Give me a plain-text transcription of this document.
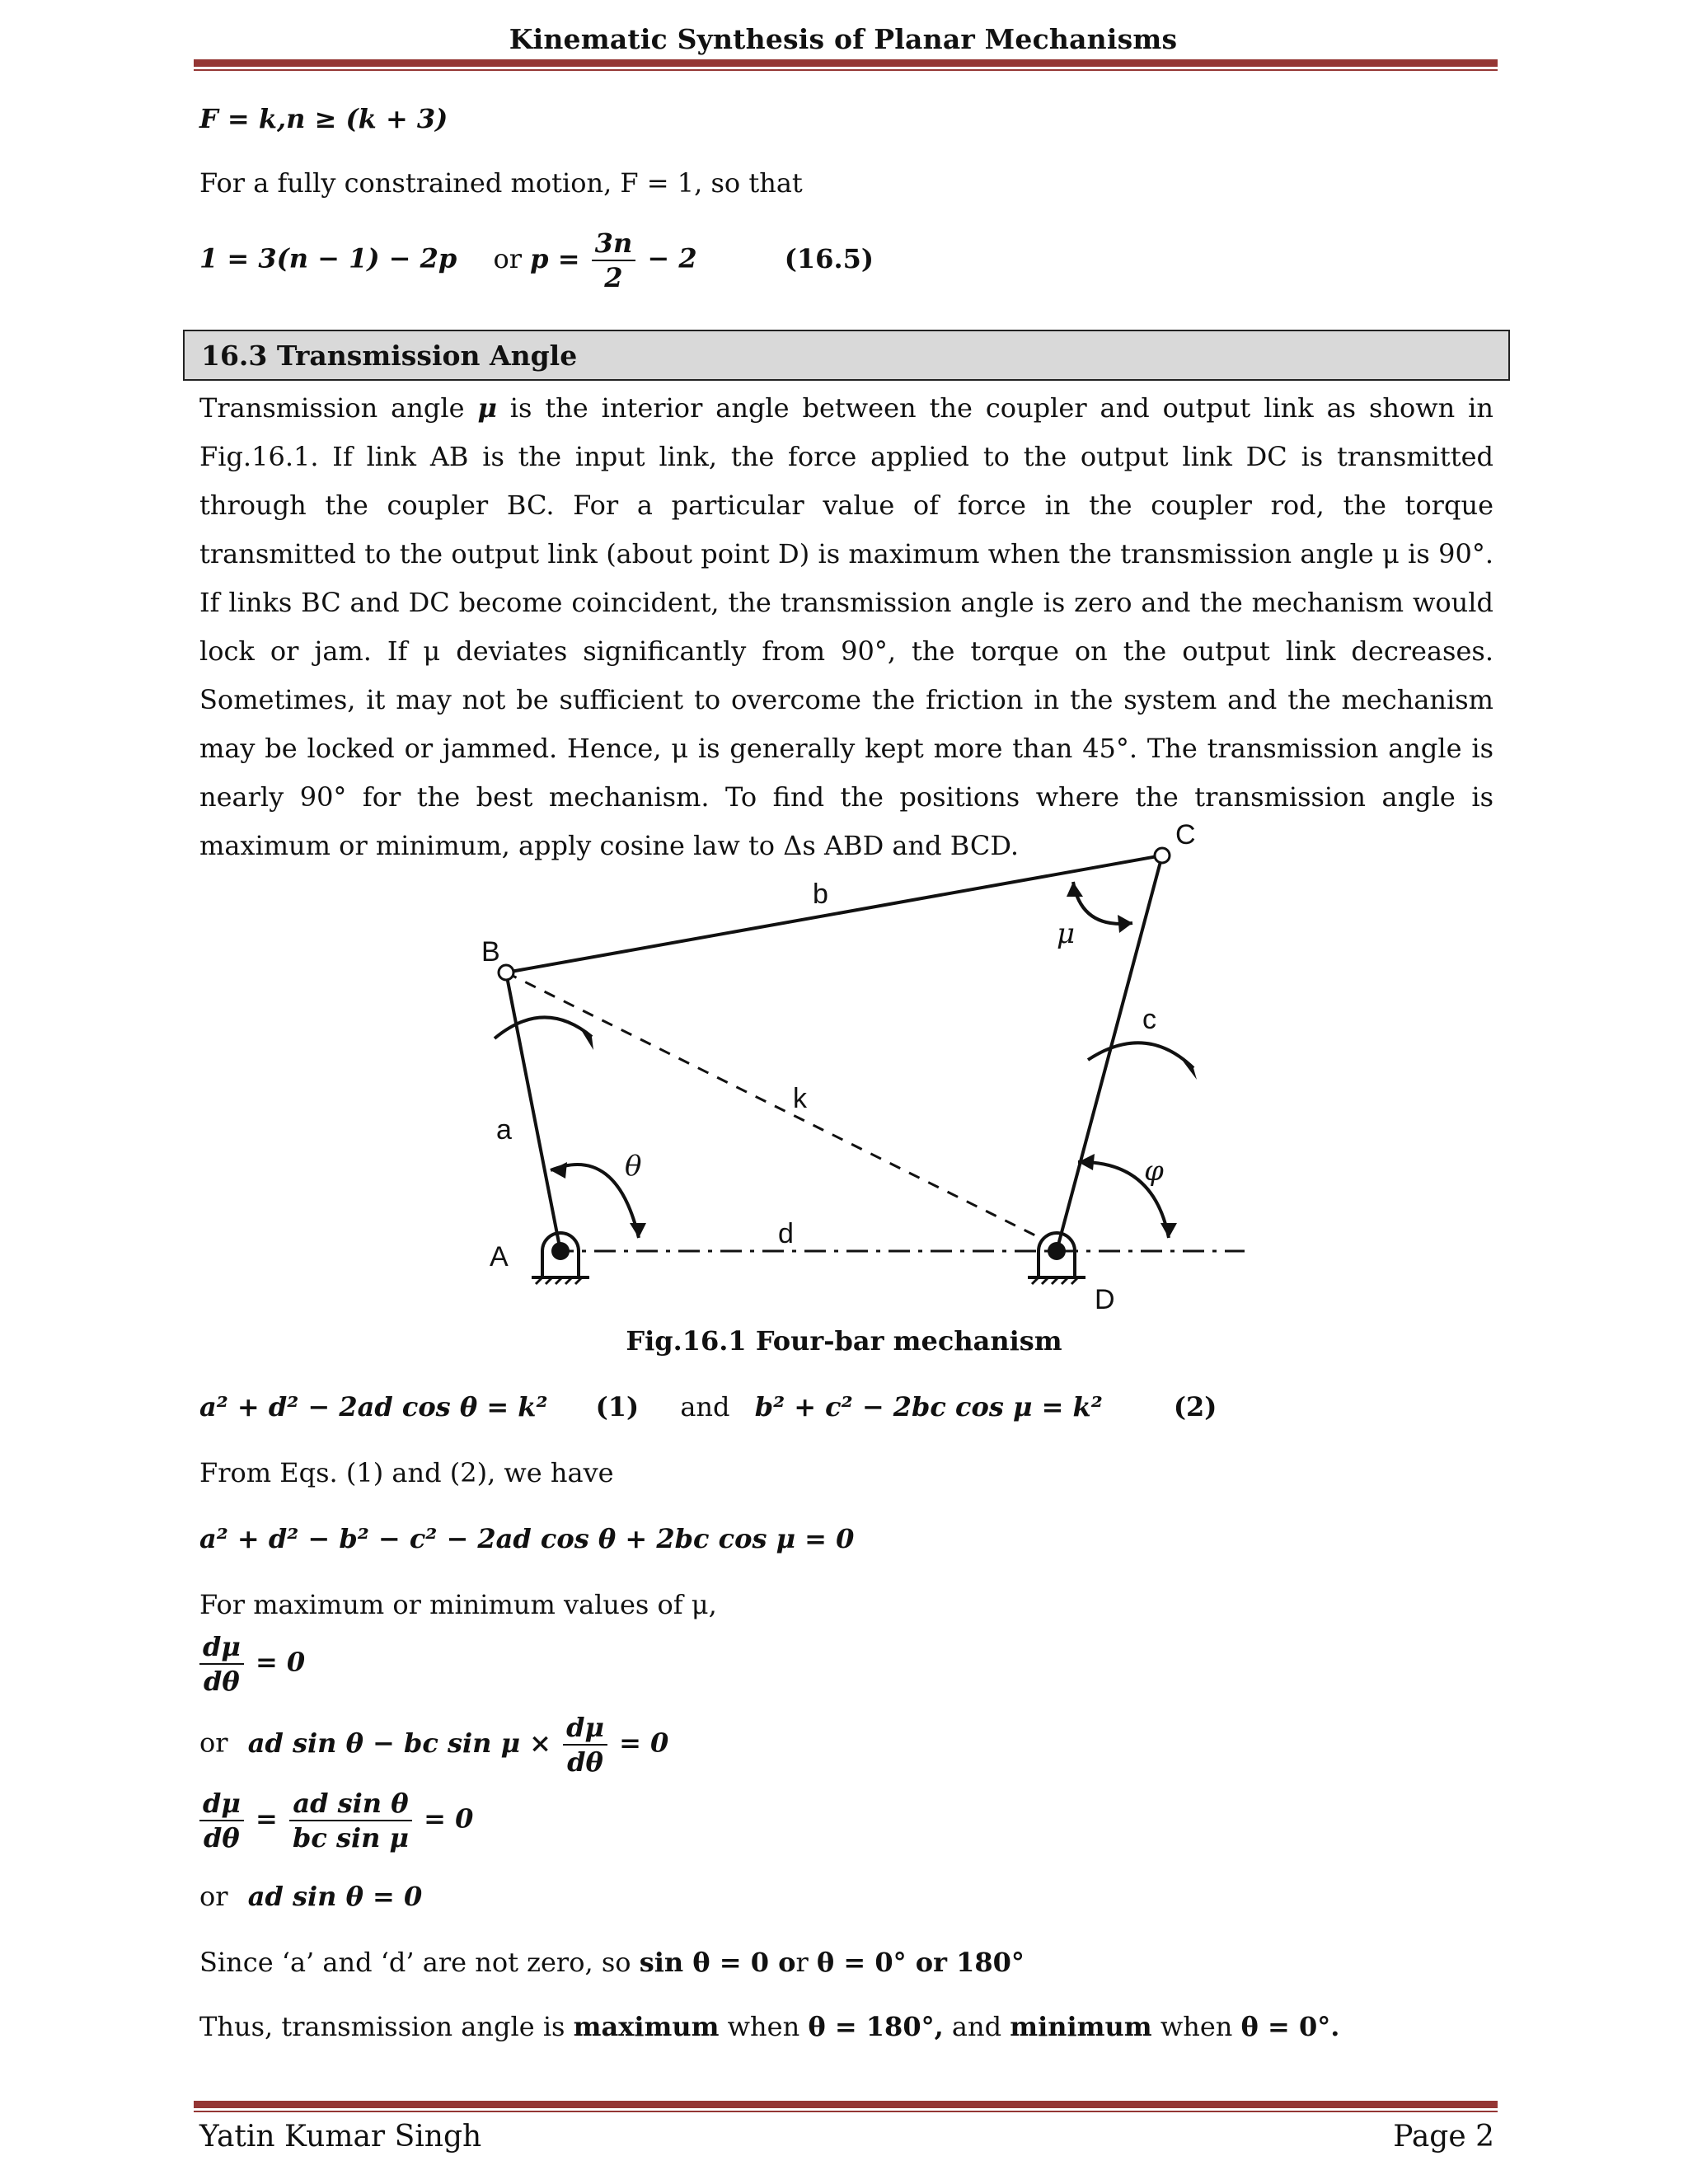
Kinematic Synthesis of Planar Mechanisms
F = k,n ≥ (k + 3)
For a fully constrained motion, F = 1, so that
1 = 3(n − 1) − 2p or $p = \frac{3n}{2} - 2$	(16.5)
16.3 Transmission Angle
Transmission angle μ is the interior angle between the coupler and output link as shown in Fig.16.1. If link AB is the input link, the force applied to the output link DC is transmitted through the coupler BC. For a particular value of force in the coupler rod, the torque transmitted to the output link (about point D) is maximum when the transmission angle μ is 90°. If links BC and DC become coincident, the transmission angle is zero and the mechanism would lock or jam. If μ deviates significantly from 90°, the torque on the output link decreases. Sometimes, it may not be sufficient to overcome the friction in the system and the mechanism may be locked or jammed. Hence, μ is generally kept more than 45°. The transmission angle is nearly 90° for the best mechanism. To find the positions where the transmission angle is maximum or minimum, apply cosine law to Δs ABD and BCD.
B
C
A
D
a
b
c
d
k
θ	φ
μ
Fig.16.1 Four-bar mechanism
a² + d² − 2ad cos θ = k² (1) and b² + c² − 2bc cos μ = k²	(2)
From Eqs. (1) and (2), we have
a² + d² − b² − c² − 2ad cos θ + 2bc cos μ = 0
For maximum or minimum values of μ,
$\frac{d\mu}{d\theta} = 0$
or ad sin θ − bc $\sin \mu \times \frac{d\mu}{d\theta} = 0$
$\frac{d\mu}{d\theta} = \frac{\text{ad sin θ}}{\text{bc sin μ}} = 0$
or ad sin θ = 0
Since ‘a’ and ‘d’ are not zero, so sin θ = 0 or θ = 0° or 180°
Thus, transmission angle is maximum when θ = 180°, and minimum when θ = 0°.
Yatin Kumar Singh	Page 2
